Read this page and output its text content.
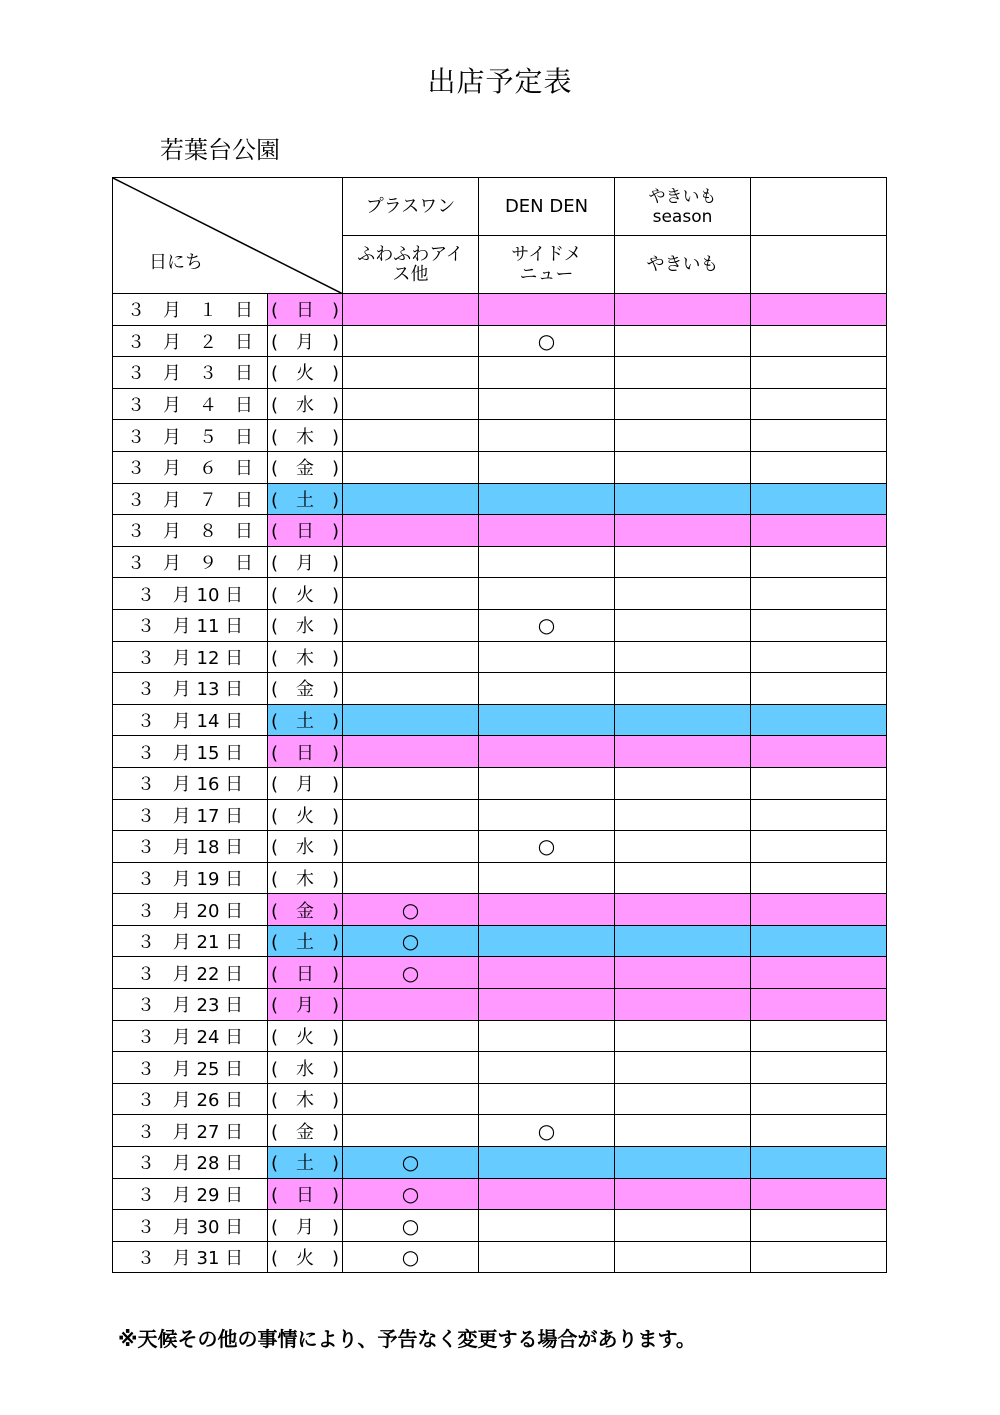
出店予定表
若葉台公園
日にち		プラスワン	DEN DEN	やきいもseason	
		ふわふわアイス他	サイドメニュー	やきいも	
３　月　１　日	(　日　)				
３　月　２　日	(　月　)		○		
３　月　３　日	(　火　)				
３　月　４　日	(　水　)				
３　月　５　日	(　木　)				
３　月　６　日	(　金　)				
３　月　７　日	(　土　)				
３　月　８　日	(　日　)				
３　月　９　日	(　月　)				
３　月 10 日	(　火　)				
３　月 11 日	(　水　)		○		
３　月 12 日	(　木　)				
３　月 13 日	(　金　)				
３　月 14 日	(　土　)				
３　月 15 日	(　日　)				
３　月 16 日	(　月　)				
３　月 17 日	(　火　)				
３　月 18 日	(　水　)		○		
３　月 19 日	(　木　)				
３　月 20 日	(　金　)	○			
３　月 21 日	(　土　)	○			
３　月 22 日	(　日　)	○			
３　月 23 日	(　月　)				
３　月 24 日	(　火　)				
３　月 25 日	(　水　)				
３　月 26 日	(　木　)				
３　月 27 日	(　金　)		○		
３　月 28 日	(　土　)	○			
３　月 29 日	(　日　)	○			
３　月 30 日	(　月　)	○			
３　月 31 日	(　火　)	○			
※天候その他の事情により、予告なく変更する場合があります。
